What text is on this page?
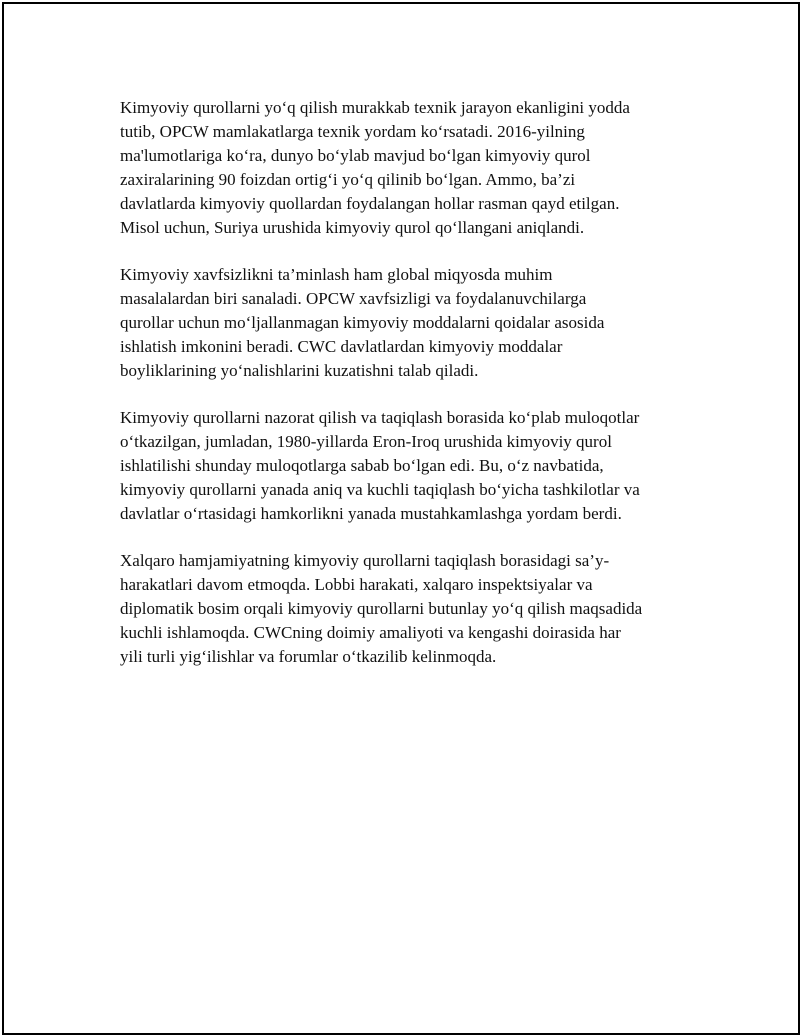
Kimyoviy qurollarni yo‘q qilish murakkab texnik jarayon ekanligini yodda
tutib, OPCW mamlakatlarga texnik yordam ko‘rsatadi. 2016-yilning
ma'lumotlariga ko‘ra, dunyo bo‘ylab mavjud bo‘lgan kimyoviy qurol
zaxiralarining 90 foizdan ortig‘i yo‘q qilinib bo‘lgan. Ammo, ba’zi
davlatlarda kimyoviy quollardan foydalangan hollar rasman qayd etilgan.
Misol uchun, Suriya urushida kimyoviy qurol qo‘llangani aniqlandi.

Kimyoviy xavfsizlikni ta’minlash ham global miqyosda muhim
masalalardan biri sanaladi. OPCW xavfsizligi va foydalanuvchilarga
qurollar uchun mo‘ljallanmagan kimyoviy moddalarni qoidalar asosida
ishlatish imkonini beradi. CWC davlatlardan kimyoviy moddalar
boyliklarining yo‘nalishlarini kuzatishni talab qiladi.

Kimyoviy qurollarni nazorat qilish va taqiqlash borasida ko‘plab muloqotlar
o‘tkazilgan, jumladan, 1980-yillarda Eron-Iroq urushida kimyoviy qurol
ishlatilishi shunday muloqotlarga sabab bo‘lgan edi. Bu, o‘z navbatida,
kimyoviy qurollarni yanada aniq va kuchli taqiqlash bo‘yicha tashkilotlar va
davlatlar o‘rtasidagi hamkorlikni yanada mustahkamlashga yordam berdi.

Xalqaro hamjamiyatning kimyoviy qurollarni taqiqlash borasidagi sa’y-
harakatlari davom etmoqda. Lobbi harakati, xalqaro inspektsiyalar va
diplomatik bosim orqali kimyoviy qurollarni butunlay yo‘q qilish maqsadida
kuchli ishlamoqda. CWCning doimiy amaliyoti va kengashi doirasida har
yili turli yig‘ilishlar va forumlar o‘tkazilib kelinmoqda.
